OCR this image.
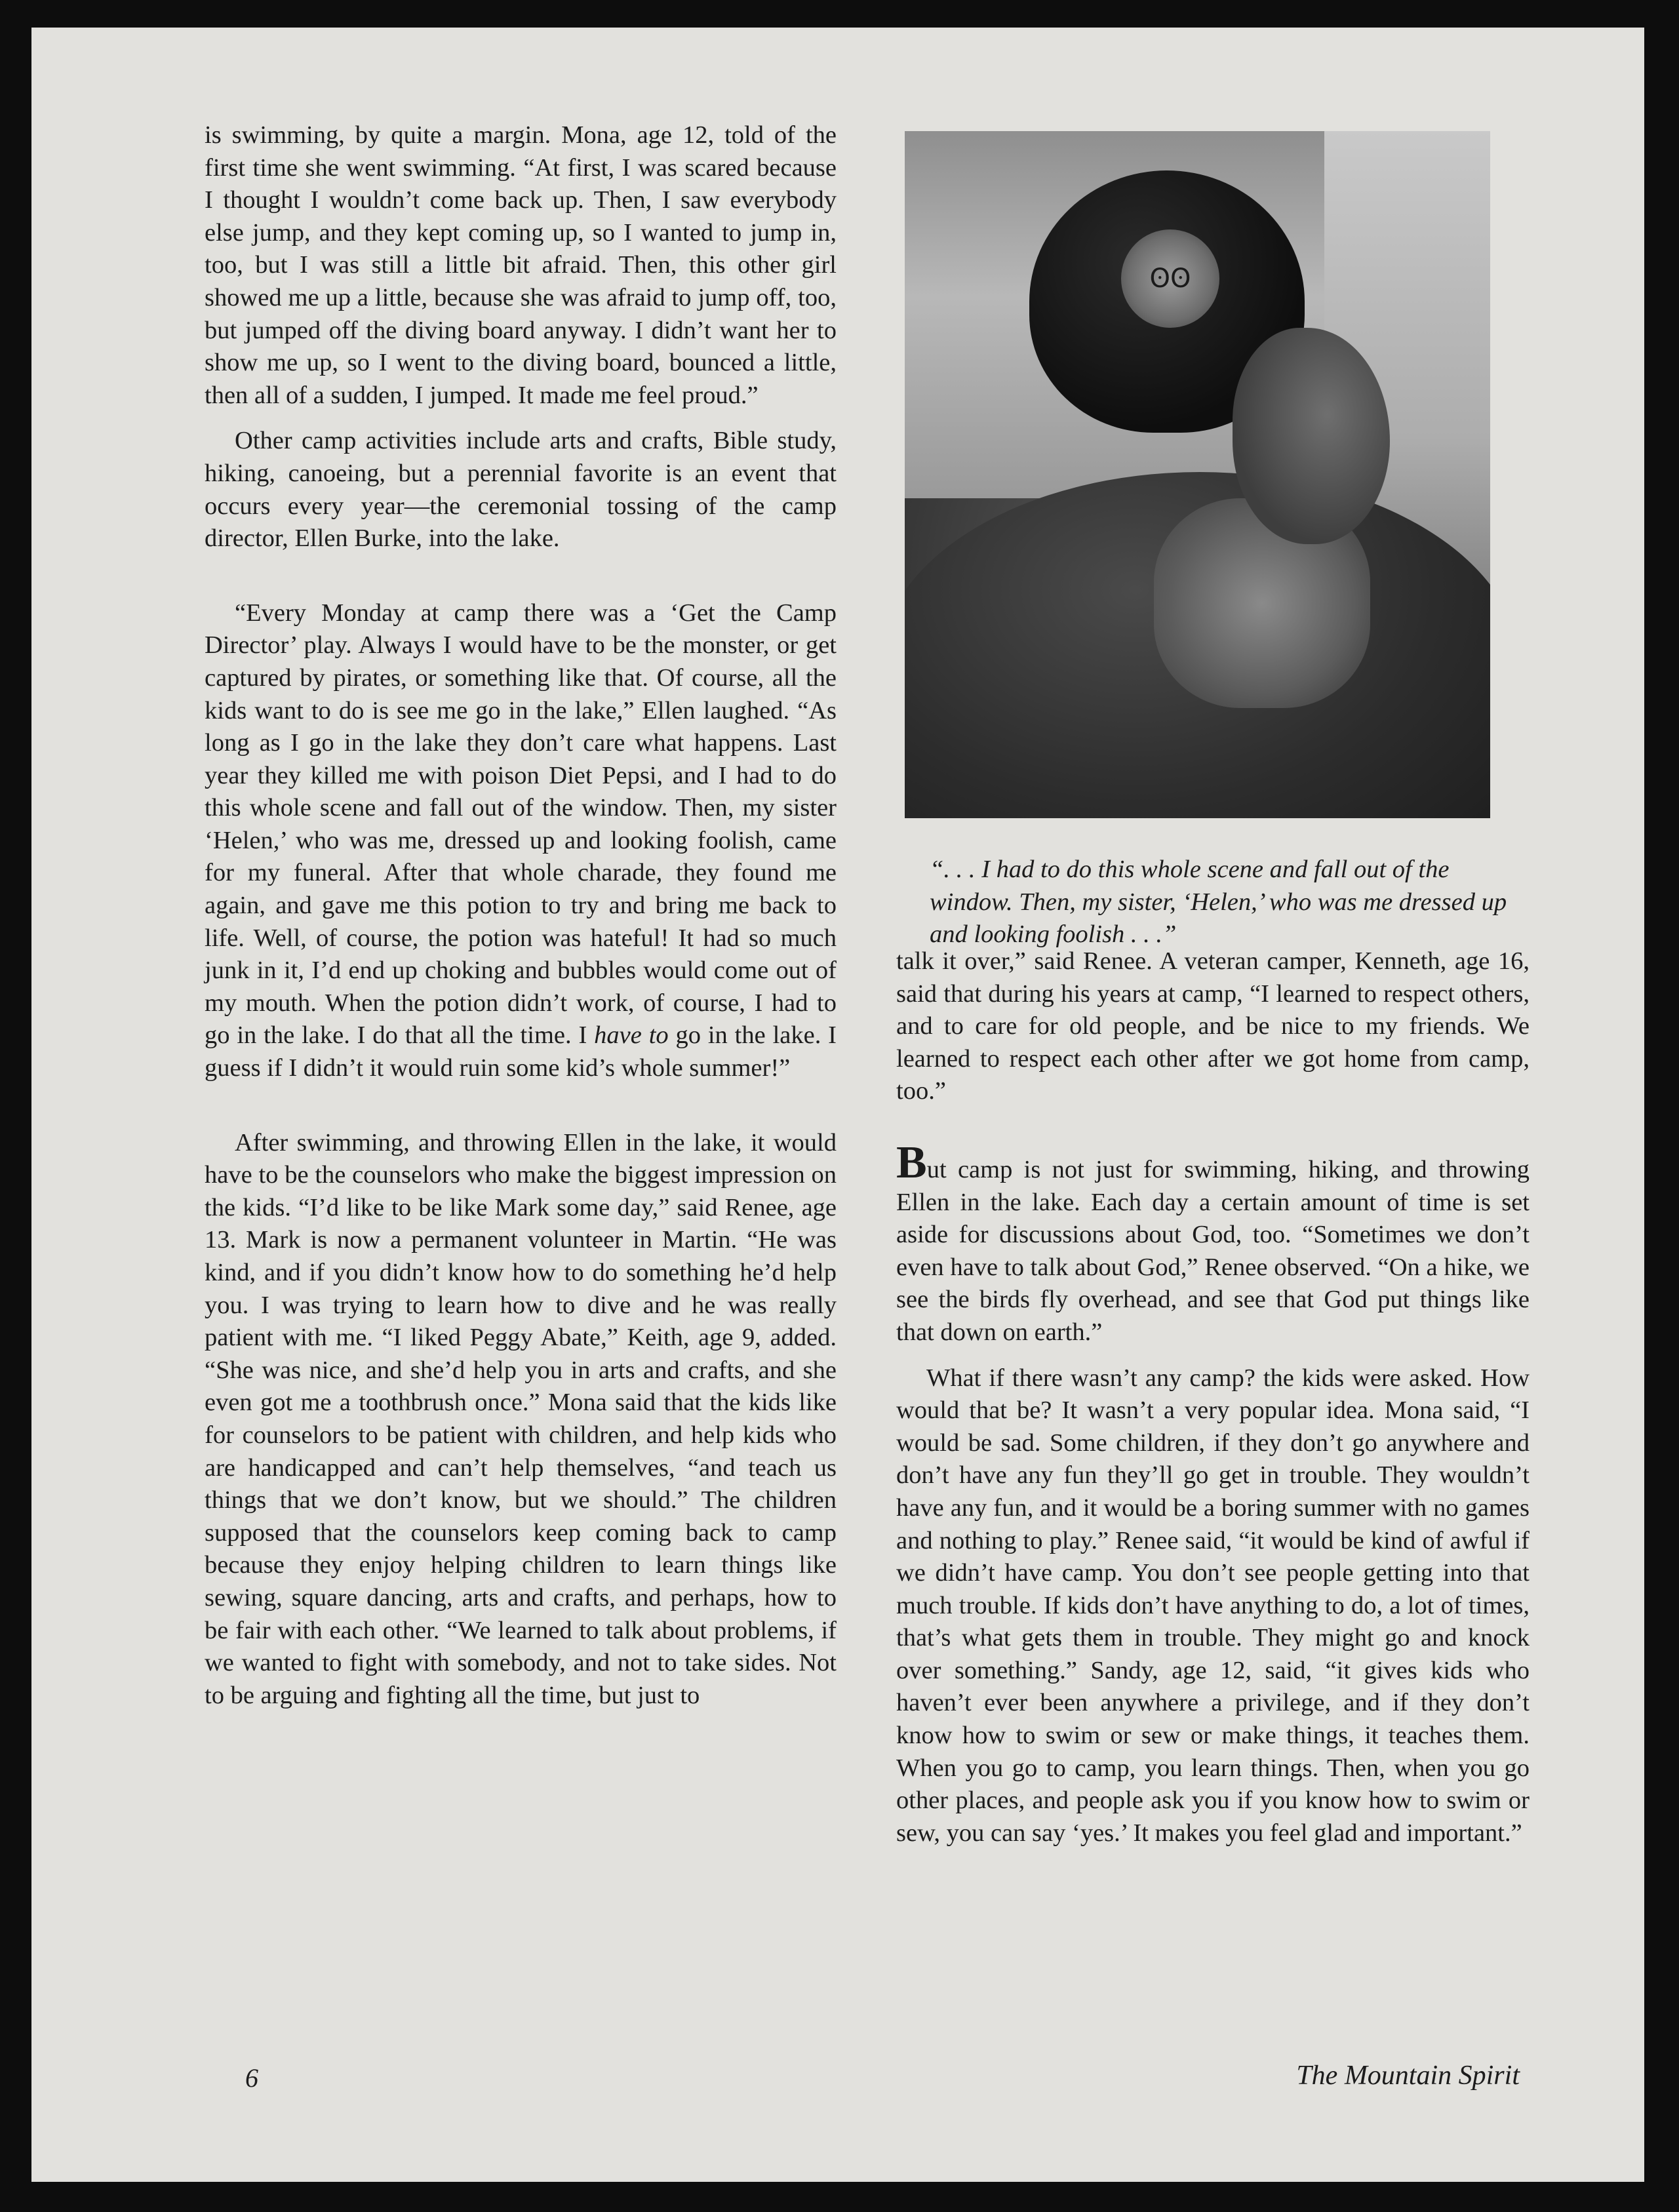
is swimming, by quite a margin. Mona, age 12, told of the first time she went swimming. “At first, I was scared because I thought I wouldn’t come back up. Then, I saw everybody else jump, and they kept coming up, so I wanted to jump in, too, but I was still a little bit afraid. Then, this other girl showed me up a little, because she was afraid to jump off, too, but jumped off the diving board anyway. I didn’t want her to show me up, so I went to the diving board, bounced a little, then all of a sudden, I jumped. It made me feel proud.”

Other camp activities include arts and crafts, Bible study, hiking, canoeing, but a perennial favorite is an event that occurs every year—the ceremonial tossing of the camp director, Ellen Burke, into the lake.

“Every Monday at camp there was a ‘Get the Camp Director’ play. Always I would have to be the monster, or get captured by pirates, or something like that. Of course, all the kids want to do is see me go in the lake,” Ellen laughed. “As long as I go in the lake they don’t care what happens. Last year they killed me with poison Diet Pepsi, and I had to do this whole scene and fall out of the window. Then, my sister ‘Helen,’ who was me, dressed up and looking foolish, came for my funeral. After that whole charade, they found me again, and gave me this potion to try and bring me back to life. Well, of course, the potion was hateful! It had so much junk in it, I’d end up choking and bubbles would come out of my mouth. When the potion didn’t work, of course, I had to go in the lake. I do that all the time. I have to go in the lake. I guess if I didn’t it would ruin some kid’s whole summer!”

After swimming, and throwing Ellen in the lake, it would have to be the counselors who make the biggest impression on the kids. “I’d like to be like Mark some day,” said Renee, age 13. Mark is now a permanent volunteer in Martin. “He was kind, and if you didn’t know how to do something he’d help you. I was trying to learn how to dive and he was really patient with me. “I liked Peggy Abate,” Keith, age 9, added. “She was nice, and she’d help you in arts and crafts, and she even got me a toothbrush once.” Mona said that the kids like for counselors to be patient with children, and help kids who are handicapped and can’t help themselves, “and teach us things that we don’t know, but we should.” The children supposed that the counselors keep coming back to camp because they enjoy helping children to learn things like sewing, square dancing, arts and crafts, and perhaps, how to be fair with each other. “We learned to talk about problems, if we wanted to fight with somebody, and not to take sides. Not to be arguing and fighting all the time, but just to

ʘʘ
“. . . I had to do this whole scene and fall out of the window. Then, my sister, ‘Helen,’ who was me dressed up and looking foolish . . .”

talk it over,” said Renee. A veteran camper, Kenneth, age 16, said that during his years at camp, “I learned to respect others, and to care for old people, and be nice to my friends. We learned to respect each other after we got home from camp, too.”

But camp is not just for swimming, hiking, and throwing Ellen in the lake. Each day a certain amount of time is set aside for discussions about God, too. “Sometimes we don’t even have to talk about God,” Renee observed. “On a hike, we see the birds fly overhead, and see that God put things like that down on earth.”

What if there wasn’t any camp? the kids were asked. How would that be? It wasn’t a very popular idea. Mona said, “I would be sad. Some children, if they don’t go anywhere and don’t have any fun they’ll go get in trouble. They wouldn’t have any fun, and it would be a boring summer with no games and nothing to play.” Renee said, “it would be kind of awful if we didn’t have camp. You don’t see people getting into that much trouble. If kids don’t have anything to do, a lot of times, that’s what gets them in trouble. They might go and knock over something.” Sandy, age 12, said, “it gives kids who haven’t ever been anywhere a privilege, and if they don’t know how to swim or sew or make things, it teaches them. When you go to camp, you learn things. Then, when you go other places, and people ask you if you know how to swim or sew, you can say ‘yes.’ It makes you feel glad and important.”

6	The Mountain Spirit
